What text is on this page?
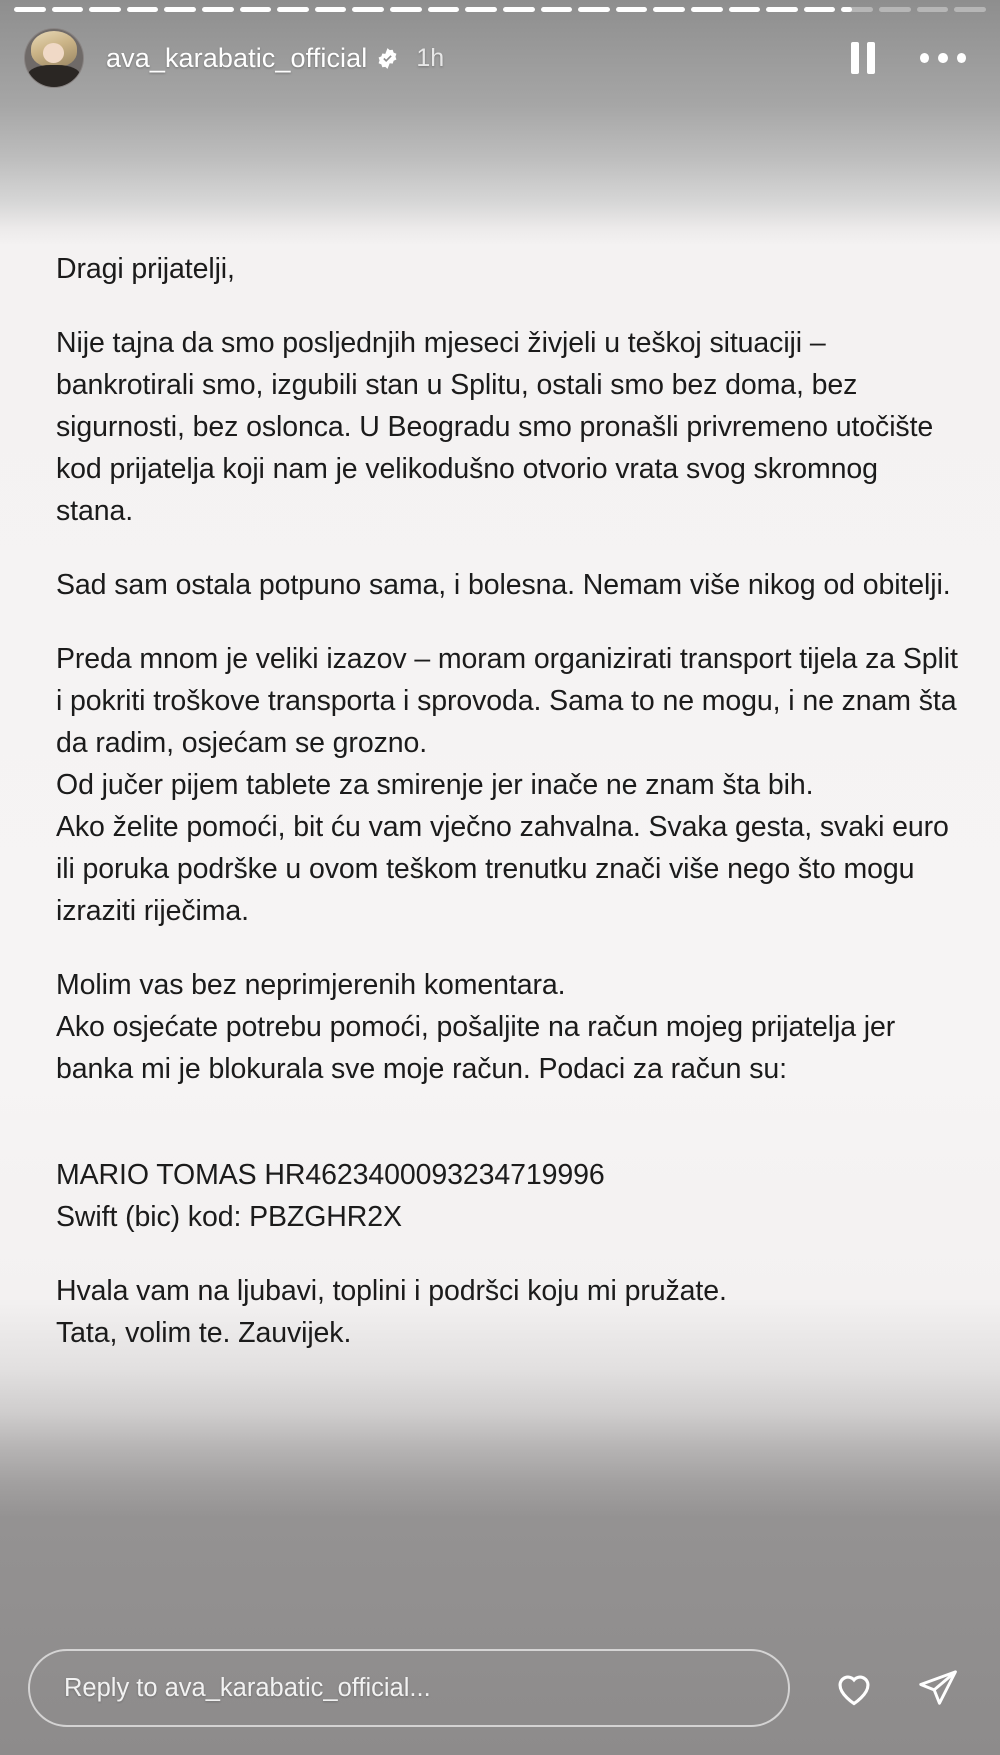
ava_karabatic_official 1h

Dragi prijatelji,

Nije tajna da smo posljednjih mjeseci živjeli u teškoj situaciji – bankrotirali smo, izgubili stan u Splitu, ostali smo bez doma, bez sigurnosti, bez oslonca. U Beogradu smo pronašli privremeno utočište kod prijatelja koji nam je velikodušno otvorio vrata svog skromnog stana.

Sad sam ostala potpuno sama, i bolesna. Nemam više nikog od obitelji.

Preda mnom je veliki izazov – moram organizirati transport tijela za Split i pokriti troškove transporta i sprovoda. Sama to ne mogu, i ne znam šta da radim, osjećam se grozno.

Od jučer pijem tablete za smirenje jer inače ne znam šta bih.

Ako želite pomoći, bit ću vam vječno zahvalna. Svaka gesta, svaki euro ili poruka podrške u ovom teškom trenutku znači više nego što mogu izraziti riječima.

Molim vas bez neprimjerenih komentara.

Ako osjećate potrebu pomoći, pošaljite na račun mojeg prijatelja jer banka mi je blokurala sve moje račun. Podaci za račun su:

MARIO TOMAS HR4623400093234719996

Swift (bic) kod: PBZGHR2X

Hvala vam na ljubavi, toplini i podršci koju mi pružate.

Tata, volim te. Zauvijek.

Reply to ava_karabatic_official...
